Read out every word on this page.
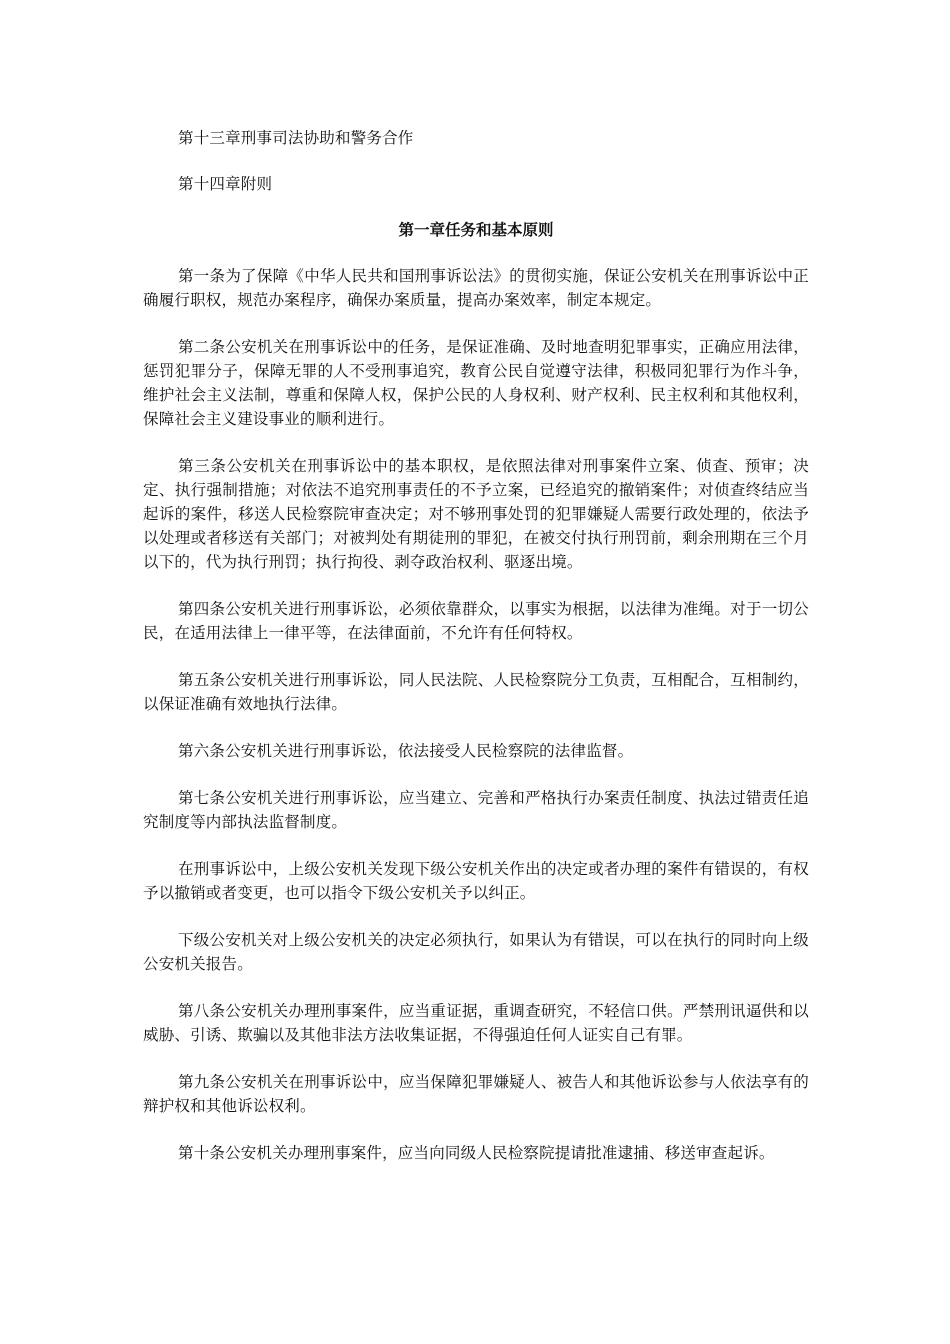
第十三章刑事司法协助和警务合作

第十四章附则

第一章任务和基本原则

第一条为了保障《中华人民共和国刑事诉讼法》的贯彻实施，保证公安机关在刑事诉讼中正确履行职权，规范办案程序，确保办案质量，提高办案效率，制定本规定。

第二条公安机关在刑事诉讼中的任务，是保证准确、及时地查明犯罪事实，正确应用法律，惩罚犯罪分子，保障无罪的人不受刑事追究，教育公民自觉遵守法律，积极同犯罪行为作斗争，维护社会主义法制，尊重和保障人权，保护公民的人身权利、财产权利、民主权利和其他权利，保障社会主义建设事业的顺利进行。

第三条公安机关在刑事诉讼中的基本职权，是依照法律对刑事案件立案、侦查、预审；决定、执行强制措施；对依法不追究刑事责任的不予立案，已经追究的撤销案件；对侦查终结应当起诉的案件，移送人民检察院审查决定；对不够刑事处罚的犯罪嫌疑人需要行政处理的，依法予以处理或者移送有关部门；对被判处有期徒刑的罪犯，在被交付执行刑罚前，剩余刑期在三个月以下的，代为执行刑罚；执行拘役、剥夺政治权利、驱逐出境。

第四条公安机关进行刑事诉讼，必须依靠群众，以事实为根据，以法律为准绳。对于一切公民，在适用法律上一律平等，在法律面前，不允许有任何特权。

第五条公安机关进行刑事诉讼，同人民法院、人民检察院分工负责，互相配合，互相制约，以保证准确有效地执行法律。

第六条公安机关进行刑事诉讼，依法接受人民检察院的法律监督。

第七条公安机关进行刑事诉讼，应当建立、完善和严格执行办案责任制度、执法过错责任追究制度等内部执法监督制度。

在刑事诉讼中，上级公安机关发现下级公安机关作出的决定或者办理的案件有错误的，有权予以撤销或者变更，也可以指令下级公安机关予以纠正。

下级公安机关对上级公安机关的决定必须执行，如果认为有错误，可以在执行的同时向上级公安机关报告。

第八条公安机关办理刑事案件，应当重证据，重调查研究，不轻信口供。严禁刑讯逼供和以威胁、引诱、欺骗以及其他非法方法收集证据，不得强迫任何人证实自己有罪。

第九条公安机关在刑事诉讼中，应当保障犯罪嫌疑人、被告人和其他诉讼参与人依法享有的辩护权和其他诉讼权利。

第十条公安机关办理刑事案件，应当向同级人民检察院提请批准逮捕、移送审查起诉。
